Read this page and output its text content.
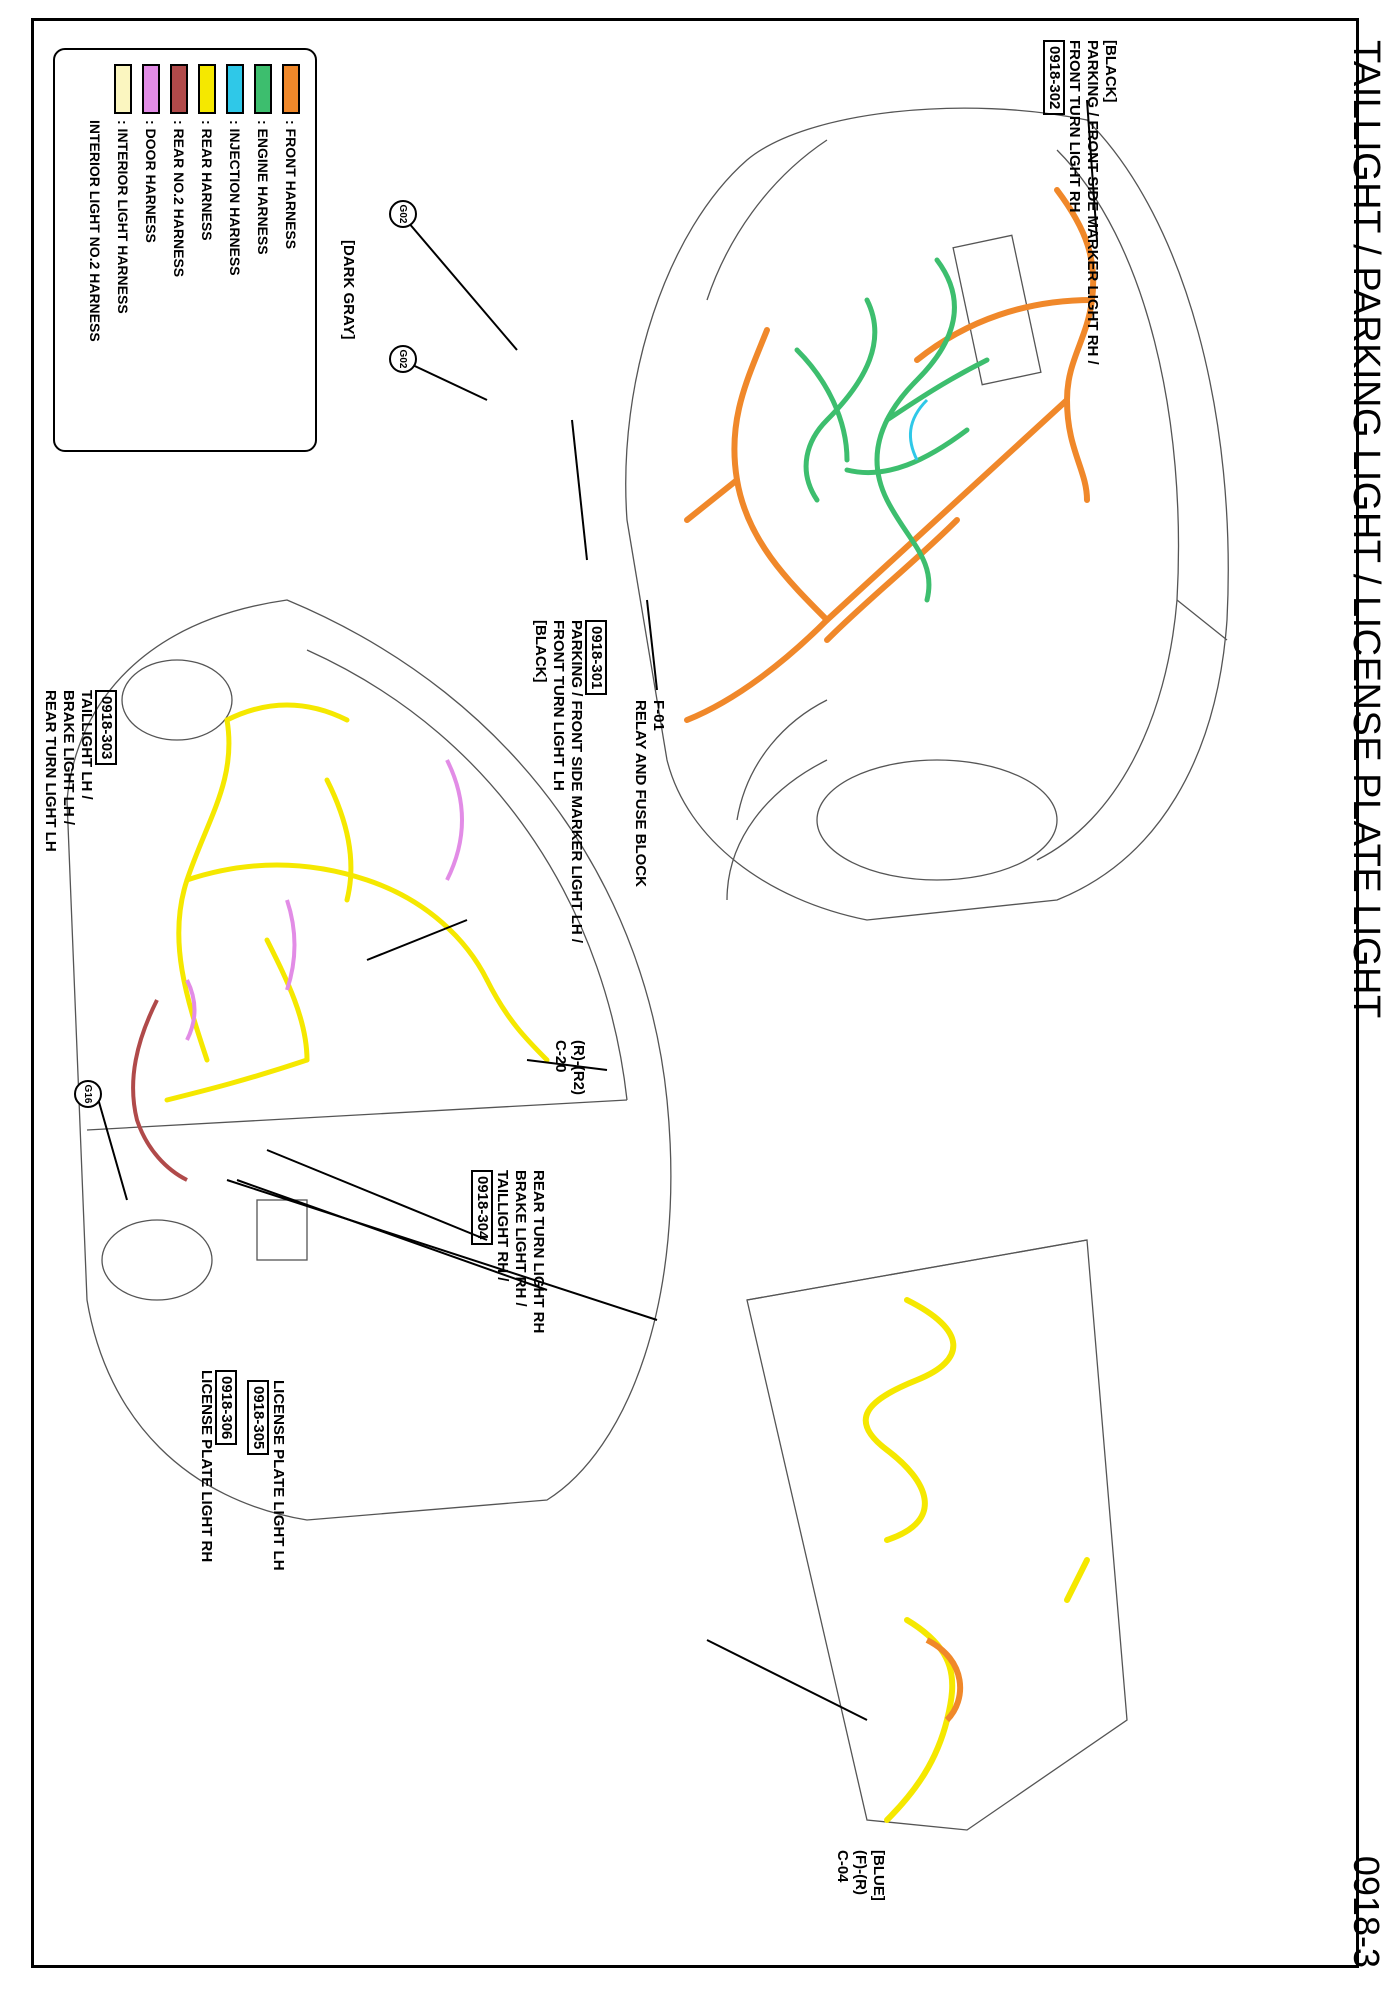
TAILLIGHT / PARKING LIGHT / LICENSE PLATE LIGHT
0918-3
[BLACK]
PARKING / FRONT SIDE MARKER LIGHT RH /
FRONT TURN LIGHT RH
0918-302
G02
[DARK GRAY]
G02
F-01
RELAY AND FUSE BLOCK
0918-301
PARKING / FRONT SIDE MARKER LIGHT LH /
FRONT TURN LIGHT LH
[BLACK]
0918-303
TAILLIGHT LH /
BRAKE LIGHT LH /
REAR TURN LIGHT LH
(R)-(R2)
C-20
G16
REAR TURN LIGHT RH
BRAKE LIGHT RH /
TAILLIGHT RH /
0918-304
LICENSE PLATE LIGHT LH
0918-305
0918-306
LICENSE PLATE LIGHT RH
[BLUE]
(F)-(R)
C-04
: FRONT HARNESS
: ENGINE HARNESS
: INJECTION HARNESS
: REAR HARNESS
: REAR NO.2 HARNESS
: DOOR HARNESS
: INTERIOR LIGHT HARNESS
INTERIOR LIGHT NO.2 HARNESS
